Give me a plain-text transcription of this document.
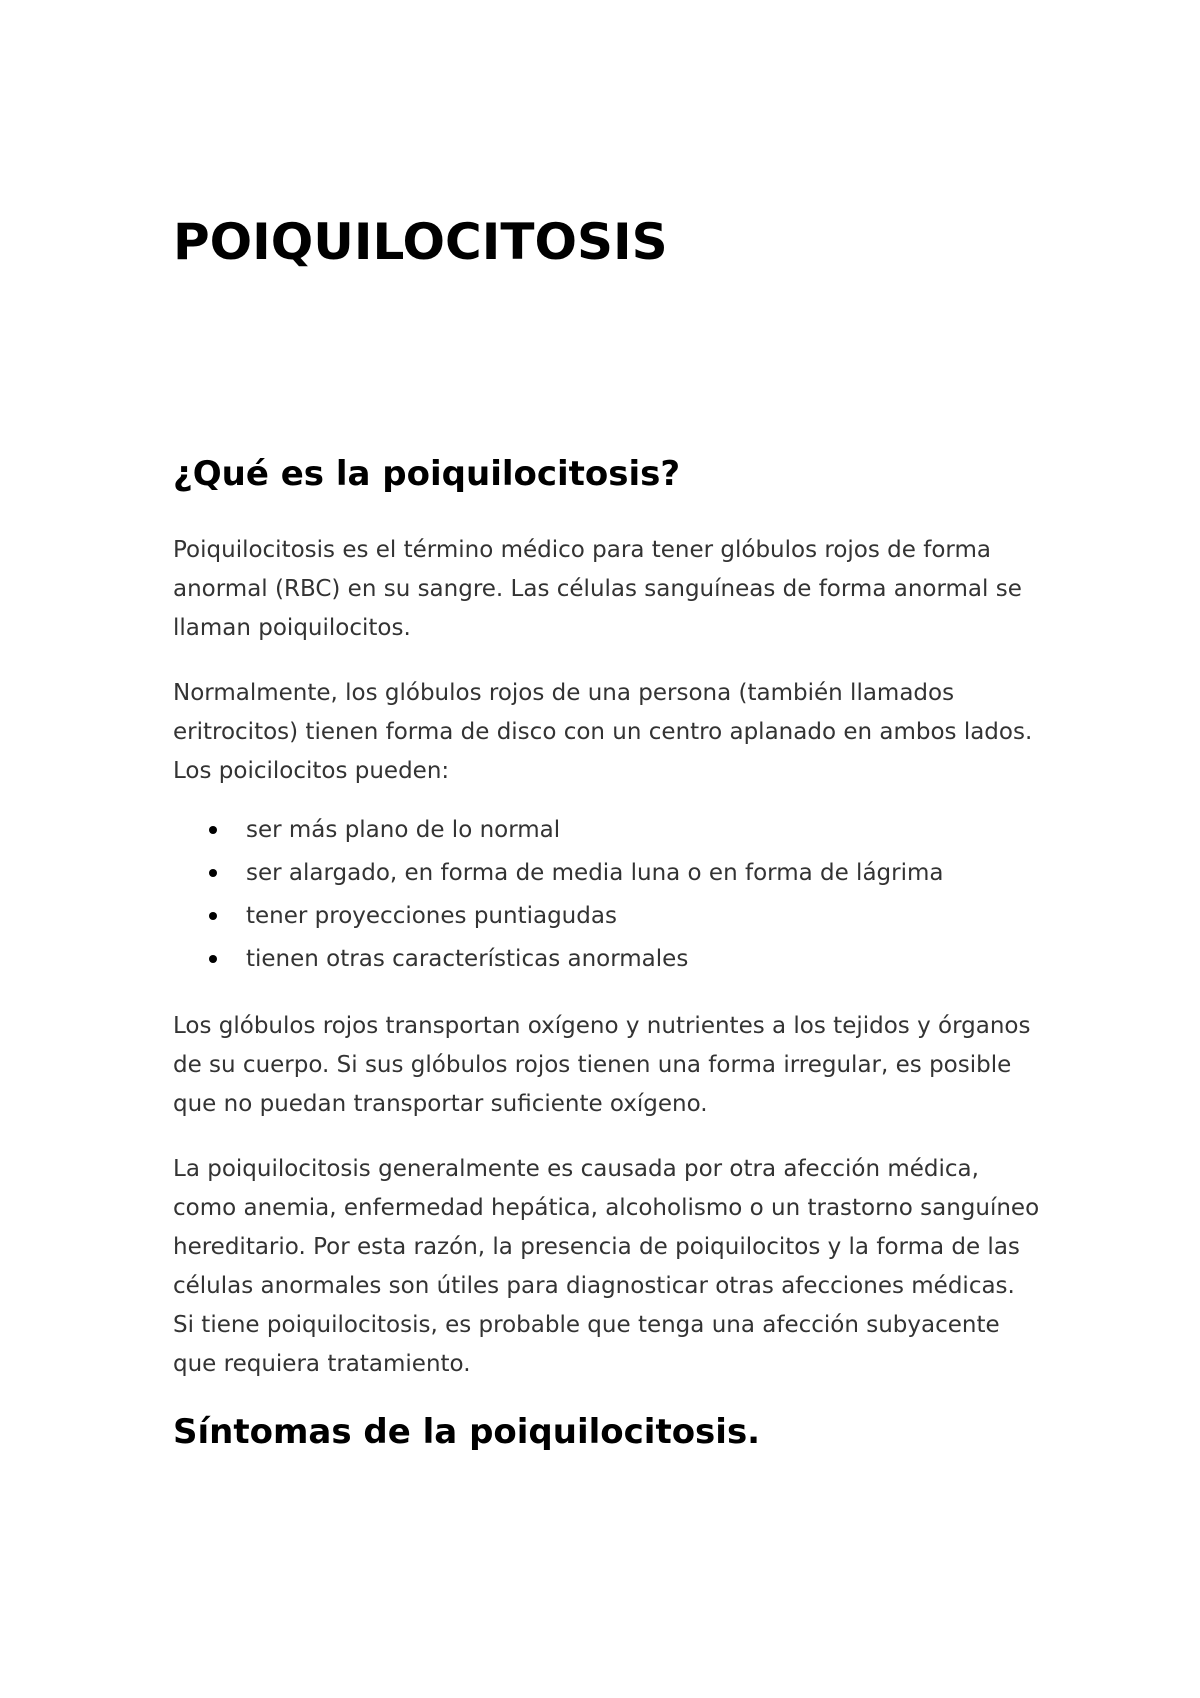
POIQUILOCITOSIS
¿Qué es la poiquilocitosis?

Poiquilocitosis es el término médico para tener glóbulos rojos de forma anormal (RBC) en su sangre. Las células sanguíneas de forma anormal se llaman poiquilocitos.

Normalmente, los glóbulos rojos de una persona (también llamados eritrocitos) tienen forma de disco con un centro aplanado en ambos lados. Los poicilocitos pueden:

ser más plano de lo normal
ser alargado, en forma de media luna o en forma de lágrima
tener proyecciones puntiagudas
tienen otras características anormales

Los glóbulos rojos transportan oxígeno y nutrientes a los tejidos y órganos de su cuerpo. Si sus glóbulos rojos tienen una forma irregular, es posible que no puedan transportar suficiente oxígeno.

La poiquilocitosis generalmente es causada por otra afección médica, como anemia, enfermedad hepática, alcoholismo o un trastorno sanguíneo hereditario. Por esta razón, la presencia de poiquilocitos y la forma de las células anormales son útiles para diagnosticar otras afecciones médicas. Si tiene poiquilocitosis, es probable que tenga una afección subyacente que requiera tratamiento.

Síntomas de la poiquilocitosis.
